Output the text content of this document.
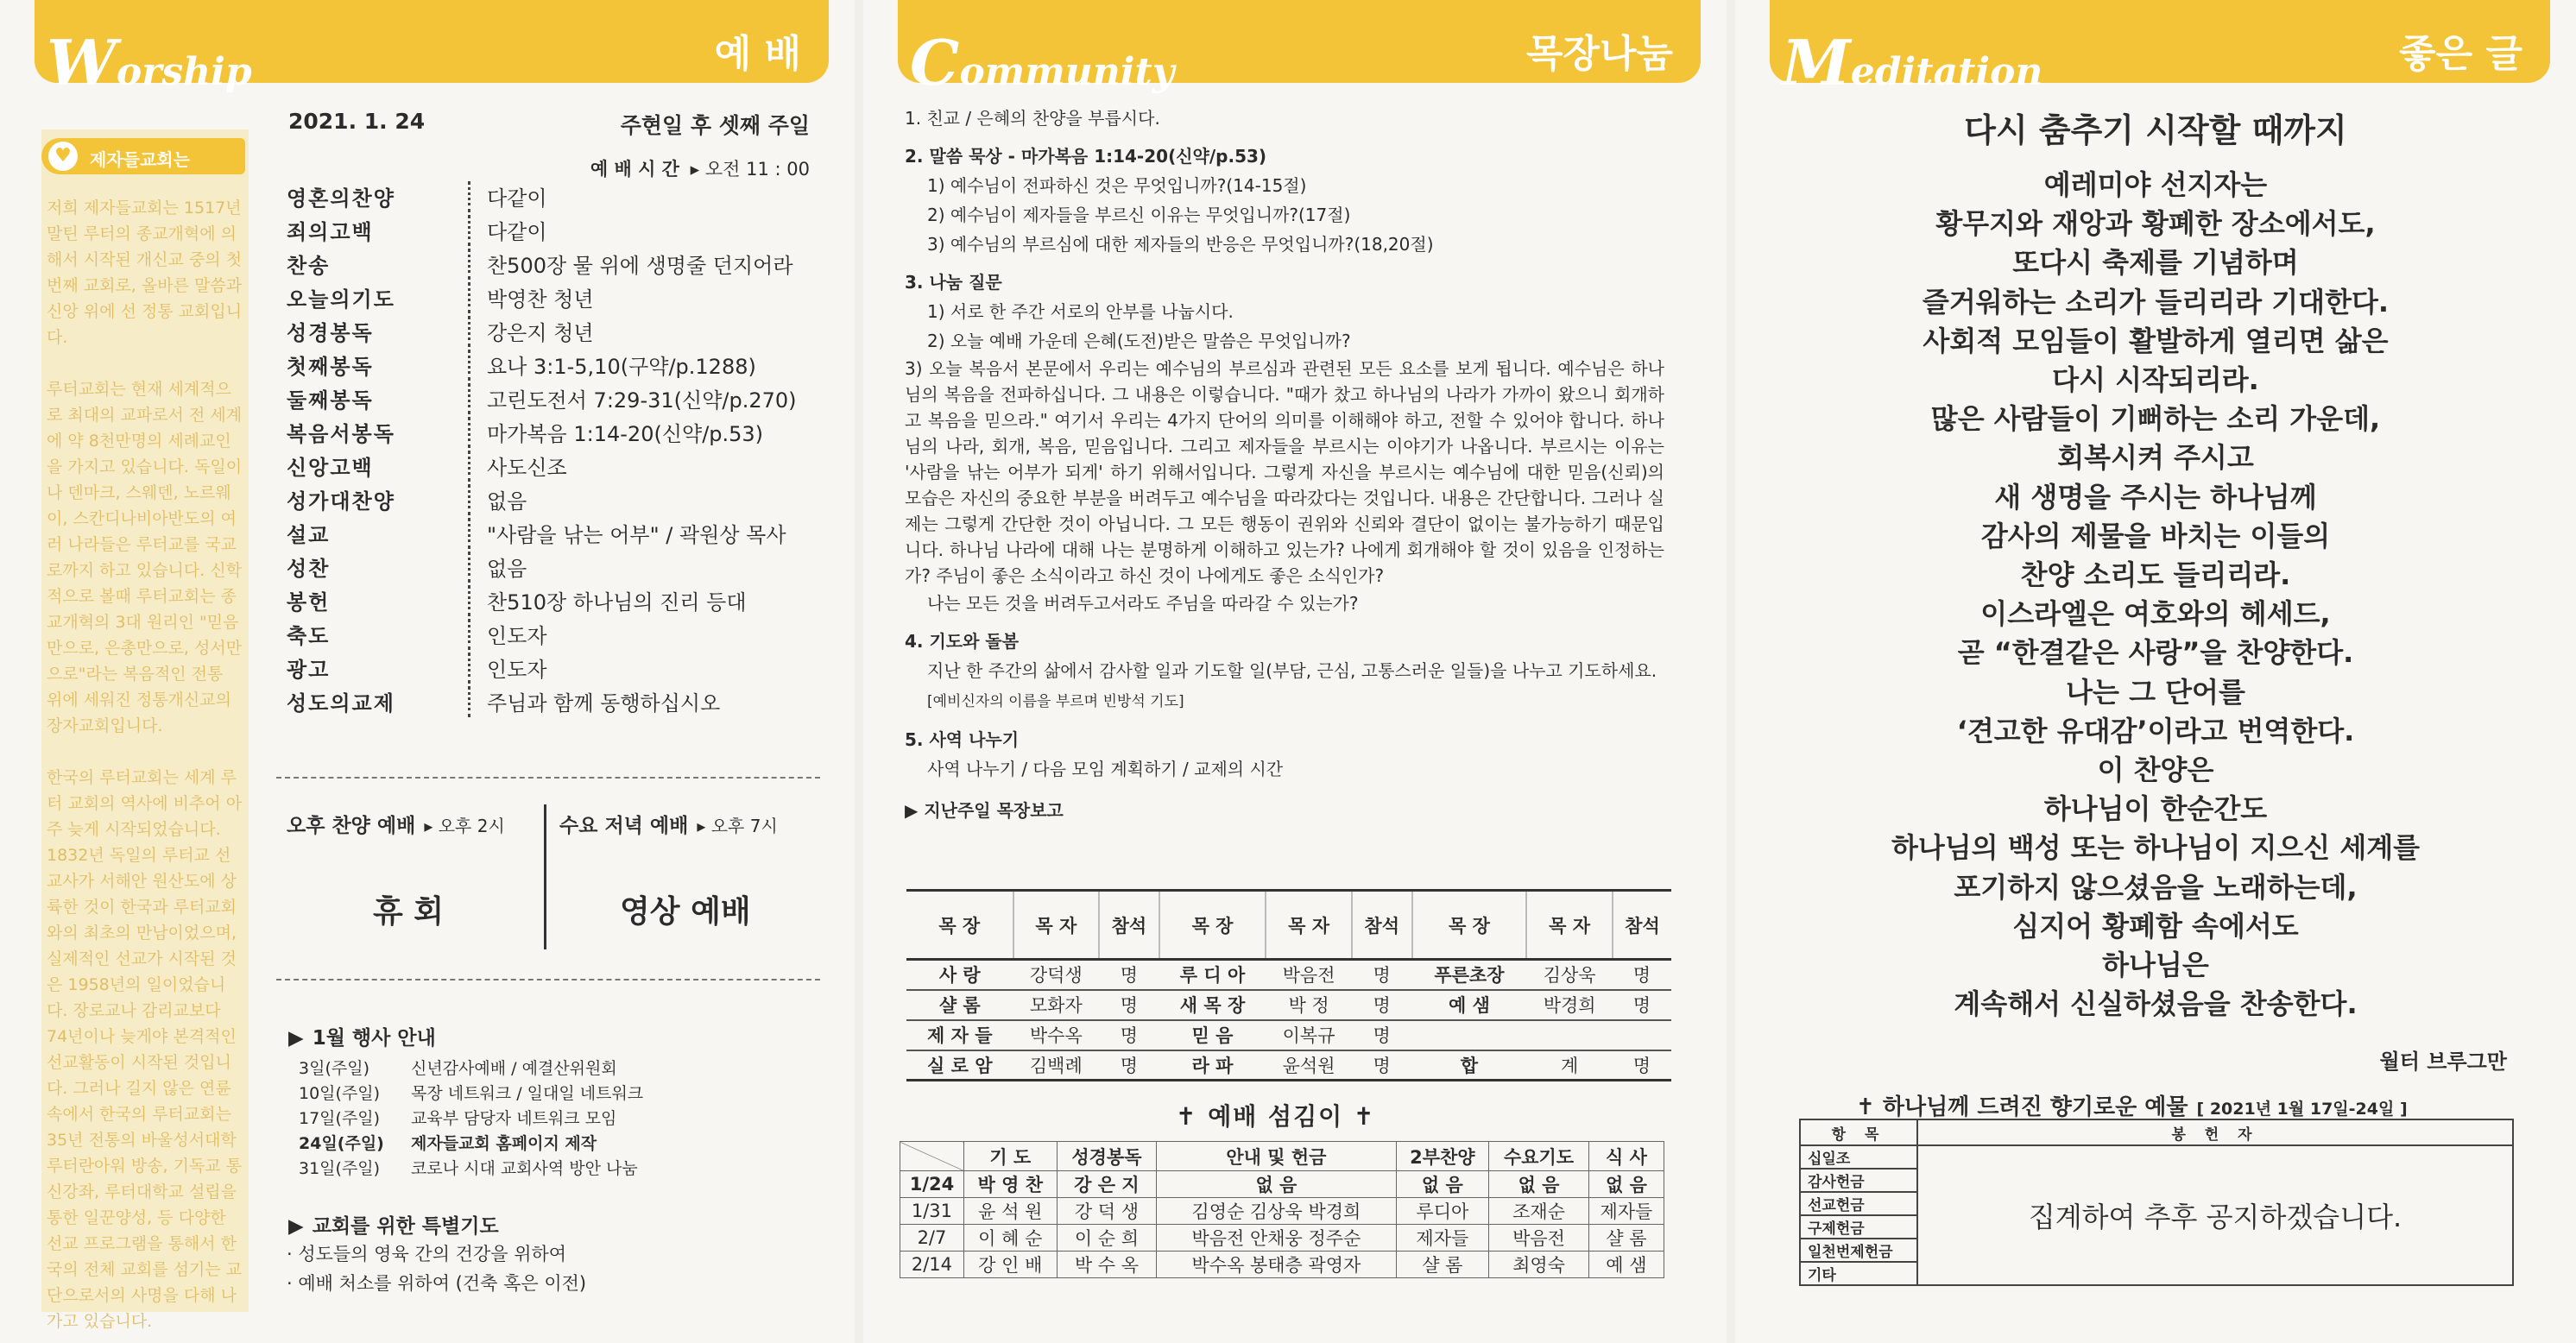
Worship	예 배
♥	제자들교회는

저희 제자들교회는 1517년 말틴 루터의 종교개혁에 의해서 시작된 개신교 중의 첫 번째 교회로, 올바른 말씀과 신앙 위에 선 정통 교회입니다.

루터교회는 현재 세계적으로 최대의 교파로서 전 세계에 약 8천만명의 세례교인을 가지고 있습니다. 독일이나 덴마크, 스웨덴, 노르웨이, 스칸디나비아반도의 여러 나라들은 루터교를 국교로까지 하고 있습니다. 신학적으로 볼때 루터교회는 종교개혁의 3대 원리인 "믿음만으로, 은총만으로, 성서만으로"라는 복음적인 전통 위에 세워진 정통개신교의 장자교회입니다.

한국의 루터교회는 세계 루터 교회의 역사에 비추어 아주 늦게 시작되었습니다. 1832년 독일의 루터교 선교사가 서해안 원산도에 상륙한 것이 한국과 루터교회와의 최초의 만남이었으며, 실제적인 선교가 시작된 것은 1958년의 일이었습니다. 장로교나 감리교보다 74년이나 늦게야 본격적인 선교활동이 시작된 것입니다. 그러나 길지 않은 연륜 속에서 한국의 루터교회는 35년 전통의 바울성서대학 루터란아워 방송, 기독교 통신강좌, 루터대학교 설립을 통한 일꾼양성, 등 다양한 선교 프로그램을 통해서 한국의 전체 교회를 섬기는 교단으로서의 사명을 다해 나가고 있습니다.

2021. 1. 24	주현일 후 셋째 주일
예 배 시 간 ▸ 오전 11 : 00
영혼의찬양	다같이
죄의고백	다같이
찬송	찬500장 물 위에 생명줄 던지어라
오늘의기도	박영찬 청년
성경봉독	강은지 청년
첫째봉독	요나 3:1-5,10(구약/p.1288)
둘째봉독	고린도전서 7:29-31(신약/p.270)
복음서봉독	마가복음 1:14-20(신약/p.53)
신앙고백	사도신조
성가대찬양	없음
설교	"사람을 낚는 어부" / 곽원상 목사
성찬	없음
봉헌	찬510장 하나님의 진리 등대
축도	인도자
광고	인도자
성도의교제	주님과 함께 동행하십시오
오후 찬양 예배 ▸ 오후 2시	수요 저녁 예배 ▸ 오후 7시
휴 회	영상 예배
▶ 1월 행사 안내
3일(주일)	신년감사예배 / 예결산위원회
10일(주일)	목장 네트워크 / 일대일 네트워크
17일(주일)	교육부 담당자 네트워크 모임
24일(주일)	제자들교회 홈페이지 제작
31일(주일)	코로나 시대 교회사역 방안 나눔
▶ 교회를 위한 특별기도
· 성도들의 영육 간의 건강을 위하여
· 예배 처소를 위하여 (건축 혹은 이전)
Community	목장나눔
1. 친교 / 은혜의 찬양을 부릅시다.
2. 말씀 묵상 - 마가복음 1:14-20(신약/p.53)
1) 예수님이 전파하신 것은 무엇입니까?(14-15절)
2) 예수님이 제자들을 부르신 이유는 무엇입니까?(17절)
3) 예수님의 부르심에 대한 제자들의 반응은 무엇입니까?(18,20절)
3. 나눔 질문
1) 서로 한 주간 서로의 안부를 나눕시다.
2) 오늘 예배 가운데 은혜(도전)받은 말씀은 무엇입니까?
3) 오늘 복음서 본문에서 우리는 예수님의 부르심과 관련된 모든 요소를 보게 됩니다. 예수님은 하나님의 복음을 전파하십니다. 그 내용은 이렇습니다. "때가 찼고 하나님의 나라가 가까이 왔으니 회개하고 복음을 믿으라." 여기서 우리는 4가지 단어의 의미를 이해해야 하고, 전할 수 있어야 합니다. 하나님의 나라, 회개, 복음, 믿음입니다. 그리고 제자들을 부르시는 이야기가 나옵니다. 부르시는 이유는 '사람을 낚는 어부가 되게' 하기 위해서입니다. 그렇게 자신을 부르시는 예수님에 대한 믿음(신뢰)의 모습은 자신의 중요한 부분을 버려두고 예수님을 따라갔다는 것입니다. 내용은 간단합니다. 그러나 실제는 그렇게 간단한 것이 아닙니다. 그 모든 행동이 권위와 신뢰와 결단이 없이는 불가능하기 때문입니다. 하나님 나라에 대해 나는 분명하게 이해하고 있는가? 나에게 회개해야 할 것이 있음을 인정하는가? 주님이 좋은 소식이라고 하신 것이 나에게도 좋은 소식인가?
나는 모든 것을 버려두고서라도 주님을 따라갈 수 있는가?
4. 기도와 돌봄
지난 한 주간의 삶에서 감사할 일과 기도할 일(부담, 근심, 고통스러운 일들)을 나누고 기도하세요. [예비신자의 이름을 부르며 빈방석 기도]
5. 사역 나누기
사역 나누기 / 다음 모임 계획하기 / 교제의 시간
▶ 지난주일 목장보고
목 장	목 자	참석	목 장	목 자	참석	목 장	목 자	참석
사 랑	강덕생	명	루 디 아	박음전	명	푸른초장	김상욱	명
샬 롬	모화자	명	새 목 장	박 정	명	예 샘	박경희	명
제 자 들	박수옥	명	믿 음	이복규	명			
실 로 암	김백례	명	라 파	윤석원	명	합	계	명
✝ 예배 섬김이 ✝
	기 도	성경봉독	안내 및 헌금	2부찬양	수요기도	식 사
1/24	박 영 찬	강 은 지	없 음	없 음	없 음	없 음
1/31	윤 석 원	강 덕 생	김영순 김상욱 박경희	루디아	조재순	제자들
2/7	이 혜 순	이 순 희	박음전 안채웅 정주순	제자들	박음전	샬 롬
2/14	강 인 배	박 수 옥	박수옥 봉태층 곽영자	샬 롬	최영숙	예 샘
Meditation	좋은 글
다시 춤추기 시작할 때까지
예레미야 선지자는
황무지와 재앙과 황폐한 장소에서도,
또다시 축제를 기념하며
즐거워하는 소리가 들리리라 기대한다.
사회적 모임들이 활발하게 열리면 삶은
다시 시작되리라.
많은 사람들이 기뻐하는 소리 가운데,
회복시켜 주시고
새 생명을 주시는 하나님께
감사의 제물을 바치는 이들의
찬양 소리도 들리리라.
이스라엘은 여호와의 헤세드,
곧 “한결같은 사랑”을 찬양한다.
나는 그 단어를
‘견고한 유대감’이라고 번역한다.
이 찬양은
하나님이 한순간도
하나님의 백성 또는 하나님이 지으신 세계를
포기하지 않으셨음을 노래하는데,
심지어 황폐함 속에서도
하나님은
계속해서 신실하셨음을 찬송한다.
월터 브루그만
✝ 하나님께 드려진 향기로운 예물 [ 2021년 1월 17일-24일 ]
항 목	봉 헌 자
십일조	집계하여 추후 공지하겠습니다.
감사헌금	
선교헌금	
구제헌금	
일천번제헌금	
기타	
